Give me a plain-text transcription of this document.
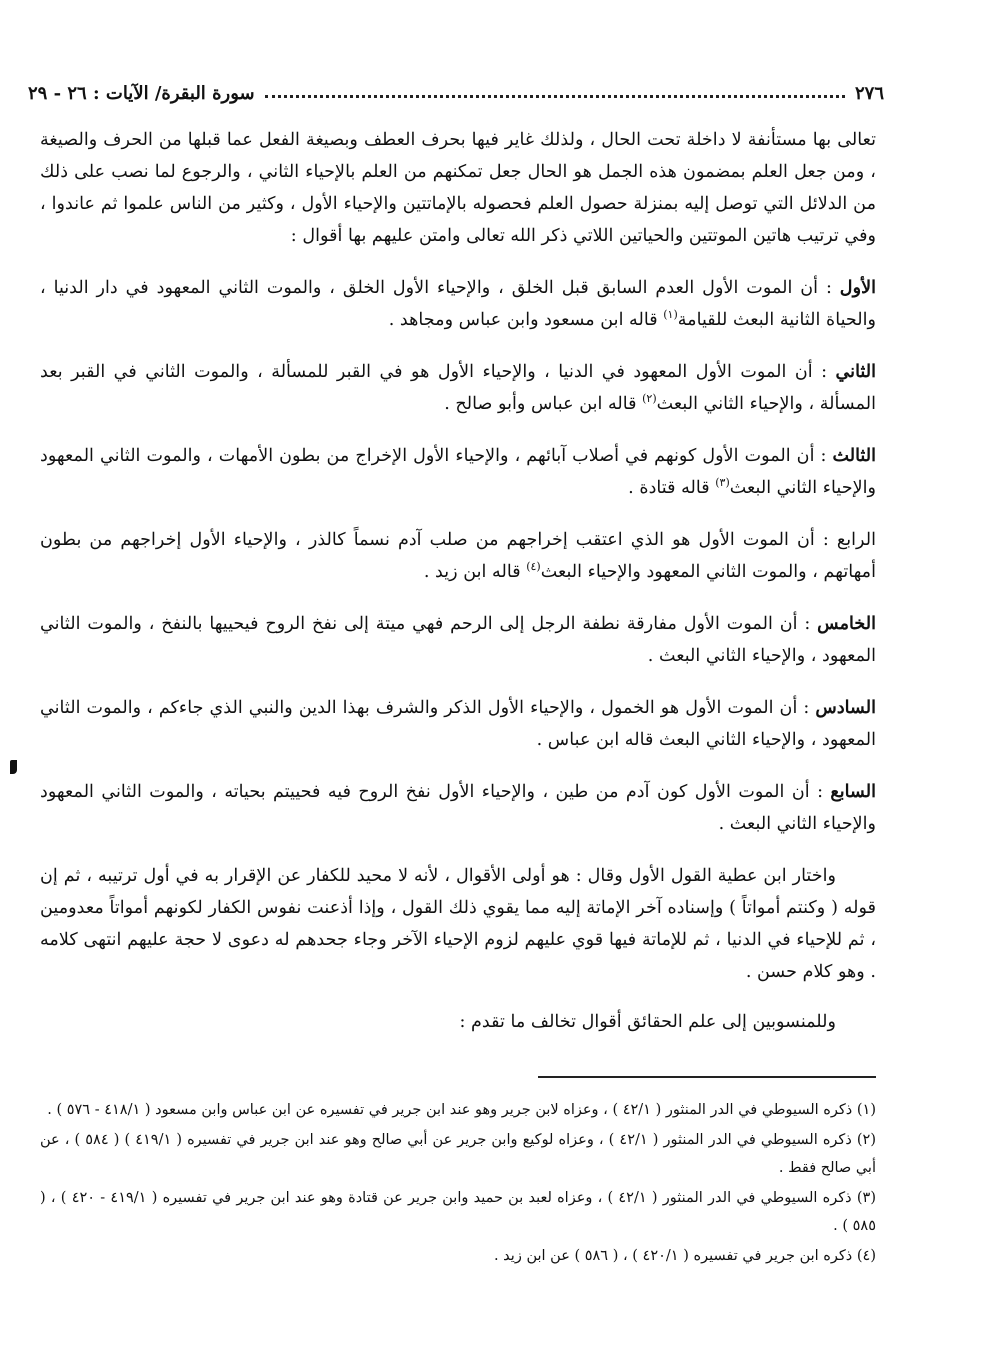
٢٧٦
سورة البقرة/ الآيات : ٢٦ - ٢٩

تعالى بها مستأنفة لا داخلة تحت الحال ، ولذلك غاير فيها بحرف العطف وبصيغة الفعل عما قبلها من الحرف والصيغة ، ومن جعل العلم بمضمون هذه الجمل هو الحال جعل تمكنهم من العلم بالإحياء الثاني ، والرجوع لما نصب على ذلك من الدلائل التي توصل إليه بمنزلة حصول العلم فحصوله بالإماتتين والإحياء الأول ، وكثير من الناس علموا ثم عاندوا ، وفي ترتيب هاتين الموتتين والحياتين اللاتي ذكر الله تعالى وامتن عليهم بها أقوال :

الأول : أن الموت الأول العدم السابق قبل الخلق ، والإحياء الأول الخلق ، والموت الثاني المعهود في دار الدنيا ، والحياة الثانية البعث للقيامة$^{(١)}$ قاله ابن مسعود وابن عباس ومجاهد .

الثاني : أن الموت الأول المعهود في الدنيا ، والإحياء الأول هو في القبر للمسألة ، والموت الثاني في القبر بعد المسألة ، والإحياء الثاني البعث$^{(٢)}$ قاله ابن عباس وأبو صالح .

الثالث : أن الموت الأول كونهم في أصلاب آبائهم ، والإحياء الأول الإخراج من بطون الأمهات ، والموت الثاني المعهود والإحياء الثاني البعث$^{(٣)}$ قاله قتادة .

الرابع : أن الموت الأول هو الذي اعتقب إخراجهم من صلب آدم نسماً كالذر ، والإحياء الأول إخراجهم من بطون أمهاتهم ، والموت الثاني المعهود والإحياء البعث$^{(٤)}$ قاله ابن زيد .

الخامس : أن الموت الأول مفارقة نطفة الرجل إلى الرحم فهي ميتة إلى نفخ الروح فيحييها بالنفخ ، والموت الثاني المعهود ، والإحياء الثاني البعث .

السادس : أن الموت الأول هو الخمول ، والإحياء الأول الذكر والشرف بهذا الدين والنبي الذي جاءكم ، والموت الثاني المعهود ، والإحياء الثاني البعث قاله ابن عباس .

السابع : أن الموت الأول كون آدم من طين ، والإحياء الأول نفخ الروح فيه فحييتم بحياته ، والموت الثاني المعهود والإحياء الثاني البعث .

واختار ابن عطية القول الأول وقال : هو أولى الأقوال ، لأنه لا محيد للكفار عن الإقرار به في أول ترتيبه ، ثم إن قوله ( وكنتم أمواتاً ) وإسناده آخر الإماتة إليه مما يقوي ذلك القول ، وإذا أذعنت نفوس الكفار لكونهم أمواتاً معدومين ، ثم للإحياء في الدنيا ، ثم للإماتة فيها قوي عليهم لزوم الإحياء الآخر وجاء جحدهم له دعوى لا حجة عليهم انتهى كلامه . وهو كلام حسن .

وللمنسوبين إلى علم الحقائق أقوال تخالف ما تقدم :

(١) ذكره السيوطي في الدر المنثور ( ٤٢/١ ) ، وعزاه لابن جرير وهو عند ابن جرير في تفسيره عن ابن عباس وابن مسعود ( ٤١٨/١ - ٥٧٦ ) .

(٢) ذكره السيوطي في الدر المنثور ( ٤٢/١ ) ، وعزاه لوكيع وابن جرير عن أبي صالح وهو عند ابن جرير في تفسيره ( ٤١٩/١ ) ( ٥٨٤ ) ، عن أبي صالح فقط .

(٣) ذكره السيوطي في الدر المنثور ( ٤٢/١ ) ، وعزاه لعبد بن حميد وابن جرير عن قتادة وهو عند ابن جرير في تفسيره ( ٤١٩/١ - ٤٢٠ ) ، ( ٥٨٥ ) .

(٤) ذكره ابن جرير في تفسيره ( ٤٢٠/١ ) ، ( ٥٨٦ ) عن ابن زيد .
